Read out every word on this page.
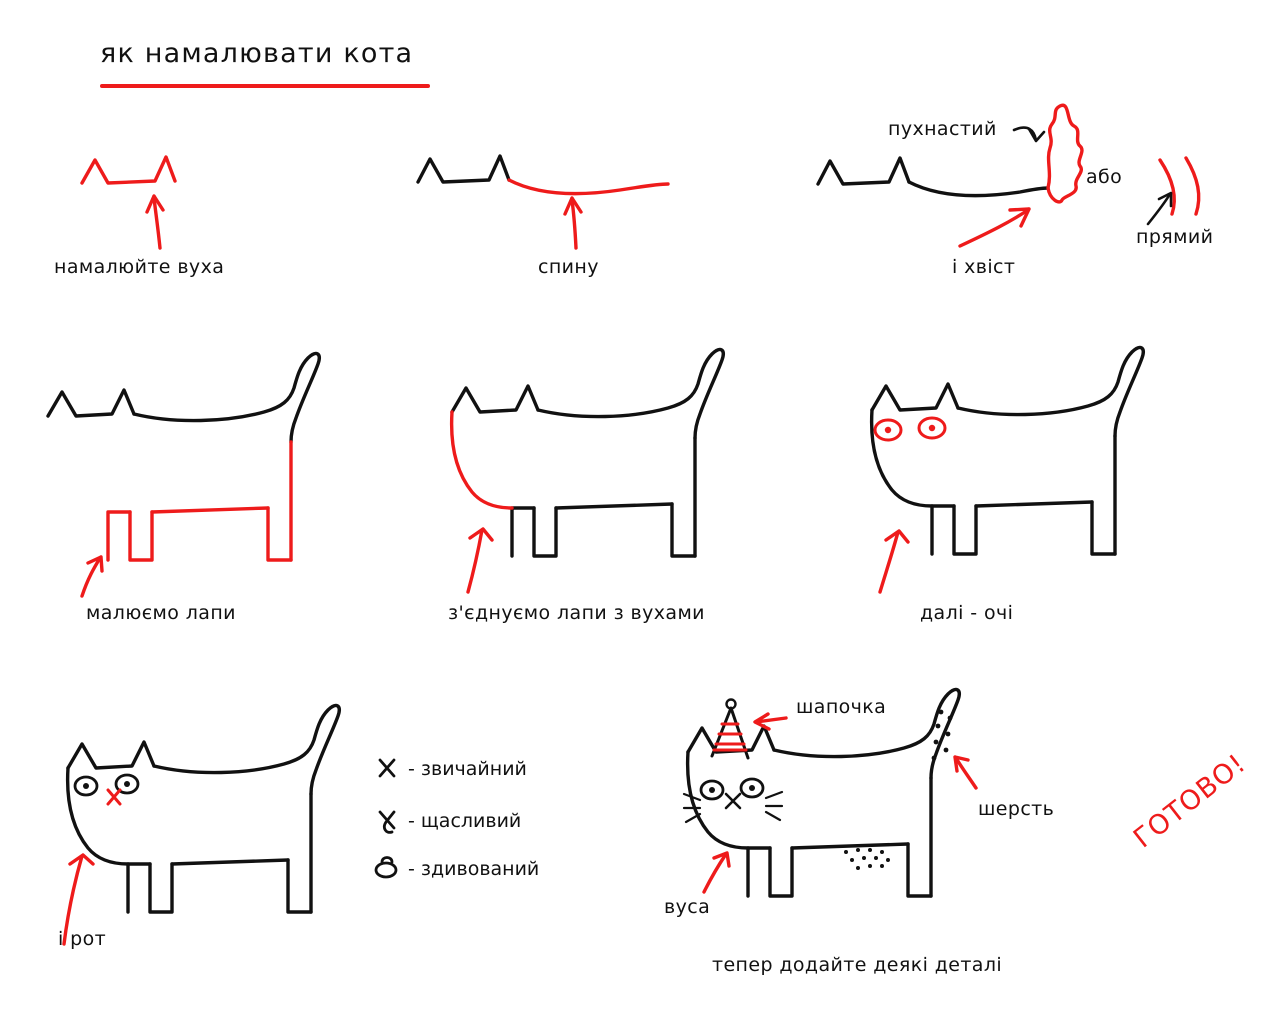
як намалювати кота
намалюйте вуха	спину	і хвіст
пухнастий
або
прямий
малюємо лапи	з'єднуємо лапи з вухами	далі - очі
і рот
шапочка
шерсть
вуса
тепер додайте деякі деталі
ГОТОВО!
- звичайний
- щасливий
- здивований
